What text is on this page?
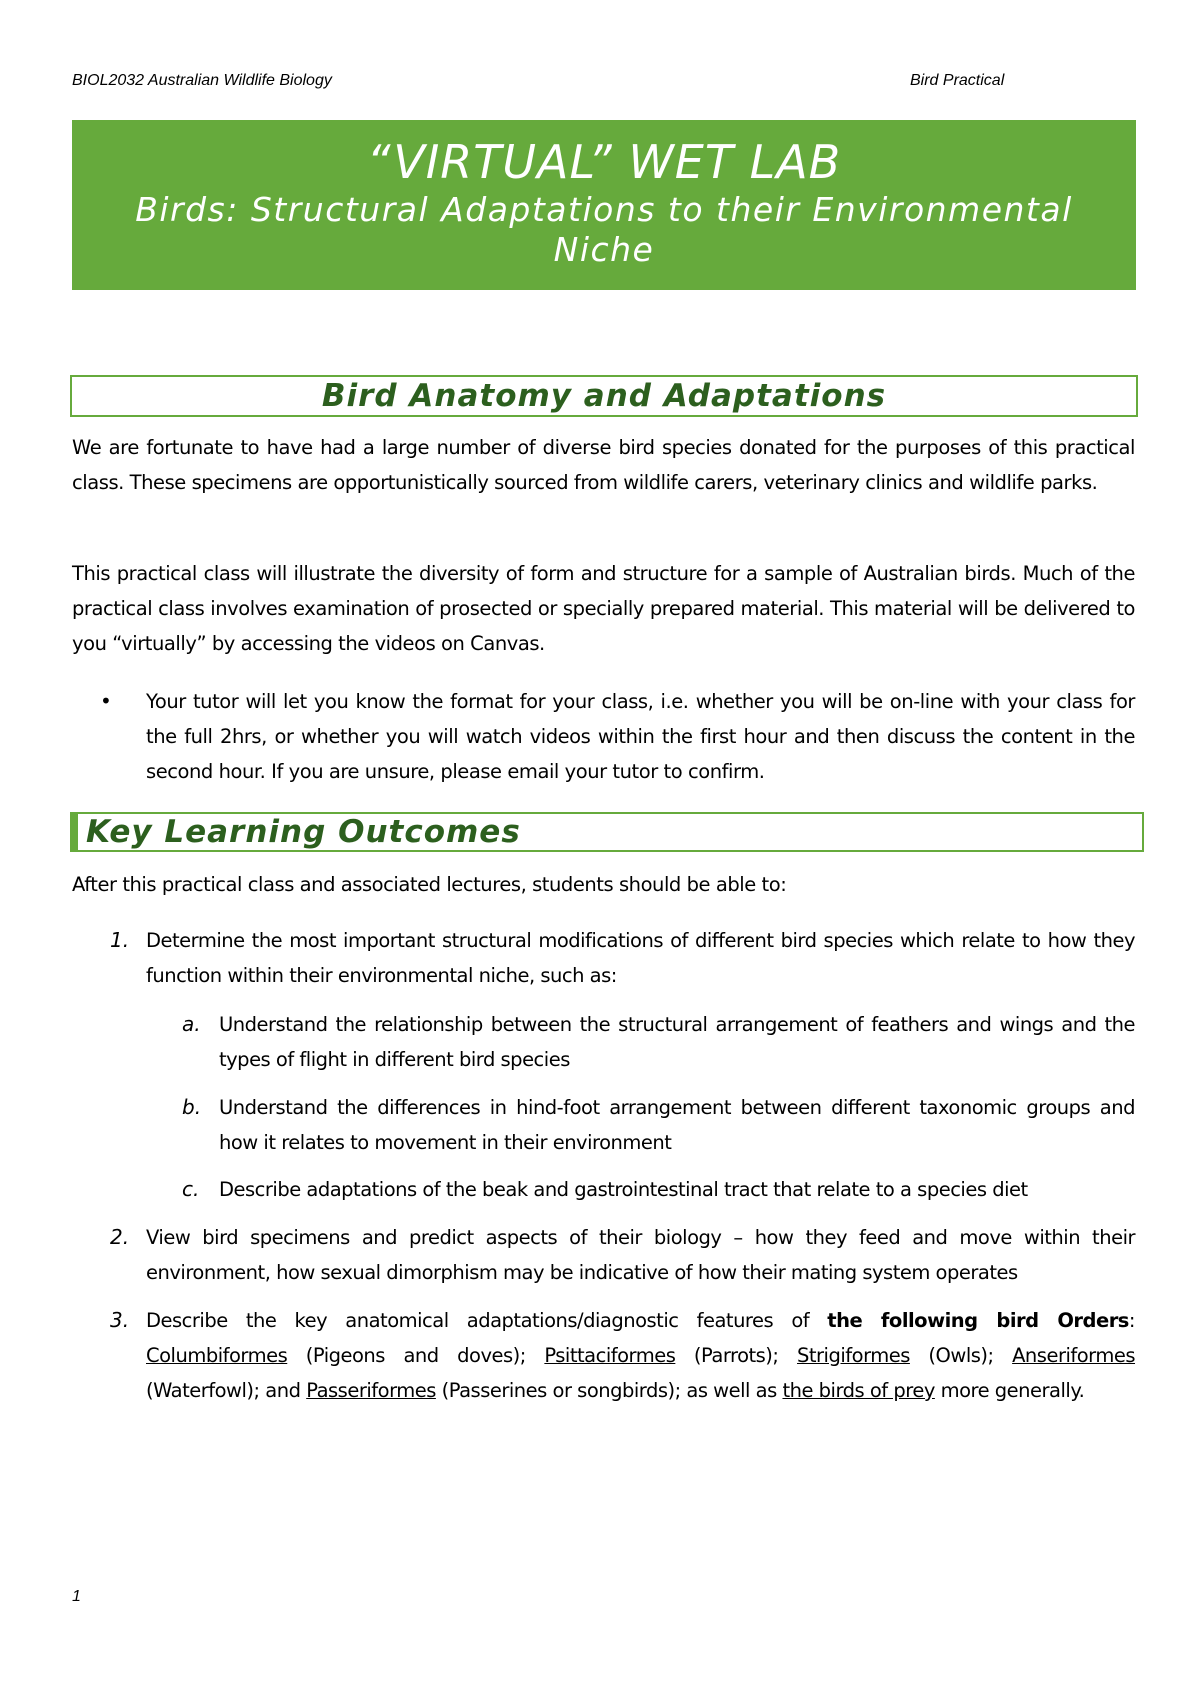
BIOL2032 Australian Wildlife Biology	Bird Practical
“VIRTUAL” WET LAB
Birds: Structural Adaptations to their Environmental Niche
Bird Anatomy and Adaptations
We are fortunate to have had a large number of diverse bird species donated for the purposes of this practical class. These specimens are opportunistically sourced from wildlife carers, veterinary clinics and wildlife parks.
This practical class will illustrate the diversity of form and structure for a sample of Australian birds. Much of the practical class involves examination of prosected or specially prepared material. This material will be delivered to you “virtually” by accessing the videos on Canvas.
• Your tutor will let you know the format for your class, i.e. whether you will be on-line with your class for the full 2hrs, or whether you will watch videos within the first hour and then discuss the content in the second hour. If you are unsure, please email your tutor to confirm.
Key Learning Outcomes
After this practical class and associated lectures, students should be able to:
1. Determine the most important structural modifications of different bird species which relate to how they function within their environmental niche, such as:
a. Understand the relationship between the structural arrangement of feathers and wings and the types of flight in different bird species
b. Understand the differences in hind-foot arrangement between different taxonomic groups and how it relates to movement in their environment
c. Describe adaptations of the beak and gastrointestinal tract that relate to a species diet
2. View bird specimens and predict aspects of their biology – how they feed and move within their environment, how sexual dimorphism may be indicative of how their mating system operates
3. Describe the key anatomical adaptations/diagnostic features of the following bird Orders: Columbiformes (Pigeons and doves); Psittaciformes (Parrots); Strigiformes (Owls); Anseriformes (Waterfowl); and Passeriformes (Passerines or songbirds); as well as the birds of prey more generally.
1
